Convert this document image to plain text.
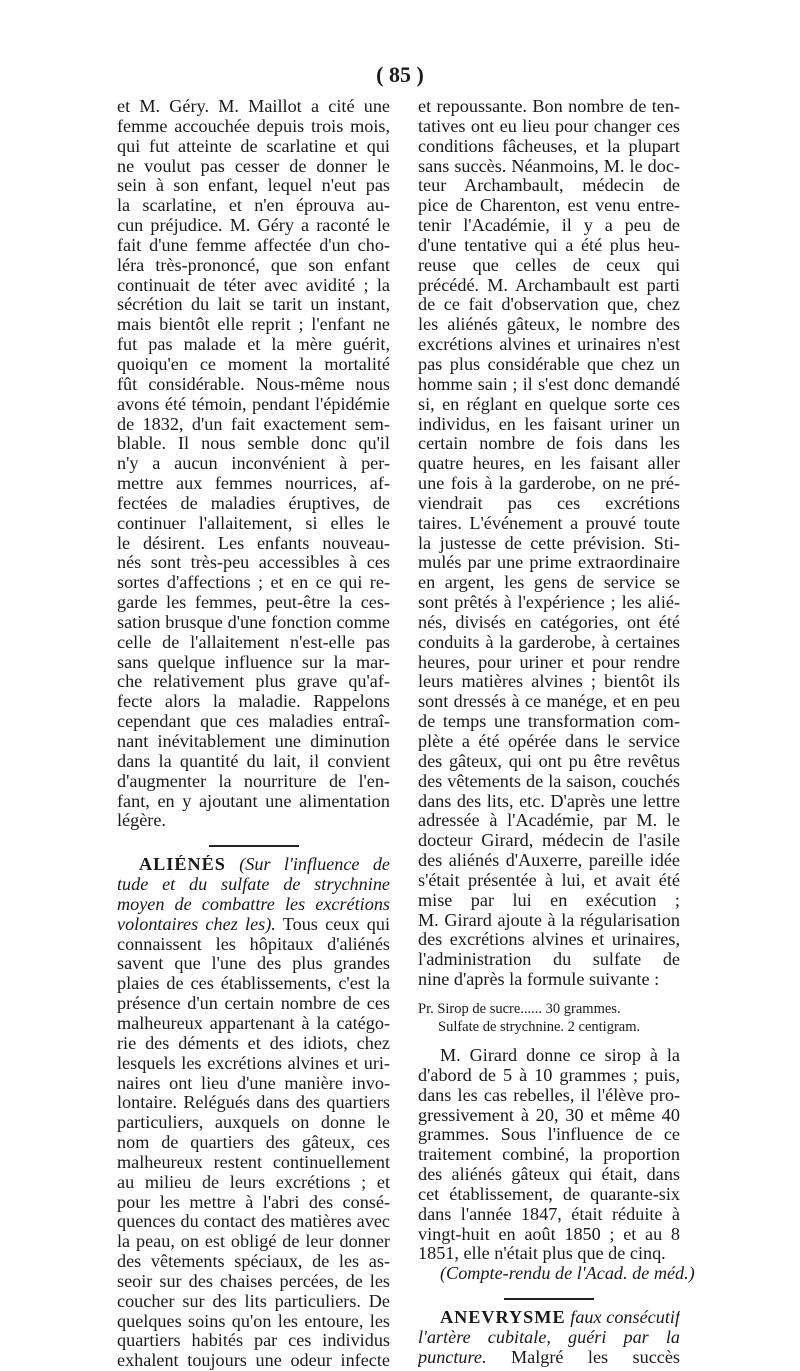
( 85 )
et M. Géry. M. Maillot a cité une
femme accouchée depuis trois mois,
qui fut atteinte de scarlatine et qui
ne voulut pas cesser de donner le
sein à son enfant, lequel n'eut pas
la scarlatine, et n'en éprouva au-
cun préjudice. M. Géry a raconté le
fait d'une femme affectée d'un cho-
léra très-prononcé, que son enfant
continuait de téter avec avidité ; la
sécrétion du lait se tarit un instant,
mais bientôt elle reprit ; l'enfant ne
fut pas malade et la mère guérit,
quoiqu'en ce moment la mortalité
fût considérable. Nous-même nous
avons été témoin, pendant l'épidémie
de 1832, d'un fait exactement sem-
blable. Il nous semble donc qu'il
n'y a aucun inconvénient à per-
mettre aux femmes nourrices, af-
fectées de maladies éruptives, de
continuer l'allaitement, si elles le
le désirent. Les enfants nouveau-
nés sont très-peu accessibles à ces
sortes d'affections ; et en ce qui re-
garde les femmes, peut-être la ces-
sation brusque d'une fonction comme
celle de l'allaitement n'est-elle pas
sans quelque influence sur la mar-
che relativement plus grave qu'af-
fecte alors la maladie. Rappelons
cependant que ces maladies entraî-
nant inévitablement une diminution
dans la quantité du lait, il convient
d'augmenter la nourriture de l'en-
fant, en y ajoutant une alimentation
légère.
ALIÉNÉS (Sur l'influence de
tude et du sulfate de strychnine
moyen de combattre les excrétions
volontaires chez les). Tous ceux qui
connaissent les hôpitaux d'aliénés
savent que l'une des plus grandes
plaies de ces établissements, c'est la
présence d'un certain nombre de ces
malheureux appartenant à la catégo-
rie des déments et des idiots, chez
lesquels les excrétions alvines et uri-
naires ont lieu d'une manière invo-
lontaire. Relégués dans des quartiers
particuliers, auxquels on donne le
nom de quartiers des gâteux, ces
malheureux restent continuellement
au milieu de leurs excrétions ; et
pour les mettre à l'abri des consé-
quences du contact des matières avec
la peau, on est obligé de leur donner
des vêtements spéciaux, de les as-
seoir sur des chaises percées, de les
coucher sur des lits particuliers. De
quelques soins qu'on les entoure, les
quartiers habités par ces individus
exhalent toujours une odeur infecte
et repoussante. Bon nombre de ten-
tatives ont eu lieu pour changer ces
conditions fâcheuses, et la plupart
sans succès. Néanmoins, M. le doc-
teur Archambault, médecin de
pice de Charenton, est venu entre-
tenir l'Académie, il y a peu de
d'une tentative qui a été plus heu-
reuse que celles de ceux qui
précédé. M. Archambault est parti
de ce fait d'observation que, chez
les aliénés gâteux, le nombre des
excrétions alvines et urinaires n'est
pas plus considérable que chez un
homme sain ; il s'est donc demandé
si, en réglant en quelque sorte ces
individus, en les faisant uriner un
certain nombre de fois dans les
quatre heures, en les faisant aller
une fois à la garderobe, on ne pré-
viendrait pas ces excrétions
taires. L'événement a prouvé toute
la justesse de cette prévision. Sti-
mulés par une prime extraordinaire
en argent, les gens de service se
sont prêtés à l'expérience ; les alié-
nés, divisés en catégories, ont été
conduits à la garderobe, à certaines
heures, pour uriner et pour rendre
leurs matières alvines ; bientôt ils
sont dressés à ce manége, et en peu
de temps une transformation com-
plète a été opérée dans le service
des gâteux, qui ont pu être revêtus
des vêtements de la saison, couchés
dans des lits, etc. D'après une lettre
adressée à l'Académie, par M. le
docteur Girard, médecin de l'asile
des aliénés d'Auxerre, pareille idée
s'était présentée à lui, et avait été
mise par lui en exécution ;
M. Girard ajoute à la régularisation
des excrétions alvines et urinaires,
l'administration du sulfate de
nine d'après la formule suivante :
Pr. Sirop de sucre...... 30 grammes.
Sulfate de strychnine. 2 centigram.
M. Girard donne ce sirop à la
d'abord de 5 à 10 grammes ; puis,
dans les cas rebelles, il l'élève pro-
gressivement à 20, 30 et même 40
grammes. Sous l'influence de ce
traitement combiné, la proportion
des aliénés gâteux qui était, dans
cet établissement, de quarante-six
dans l'année 1847, était réduite à
vingt-huit en août 1850 ; et au 8
1851, elle n'était plus que de cinq.
(Compte-rendu de l'Acad. de méd.)
ANEVRYSME faux consécutif
l'artère cubitale, guéri par la
puncture. Malgré les succès
